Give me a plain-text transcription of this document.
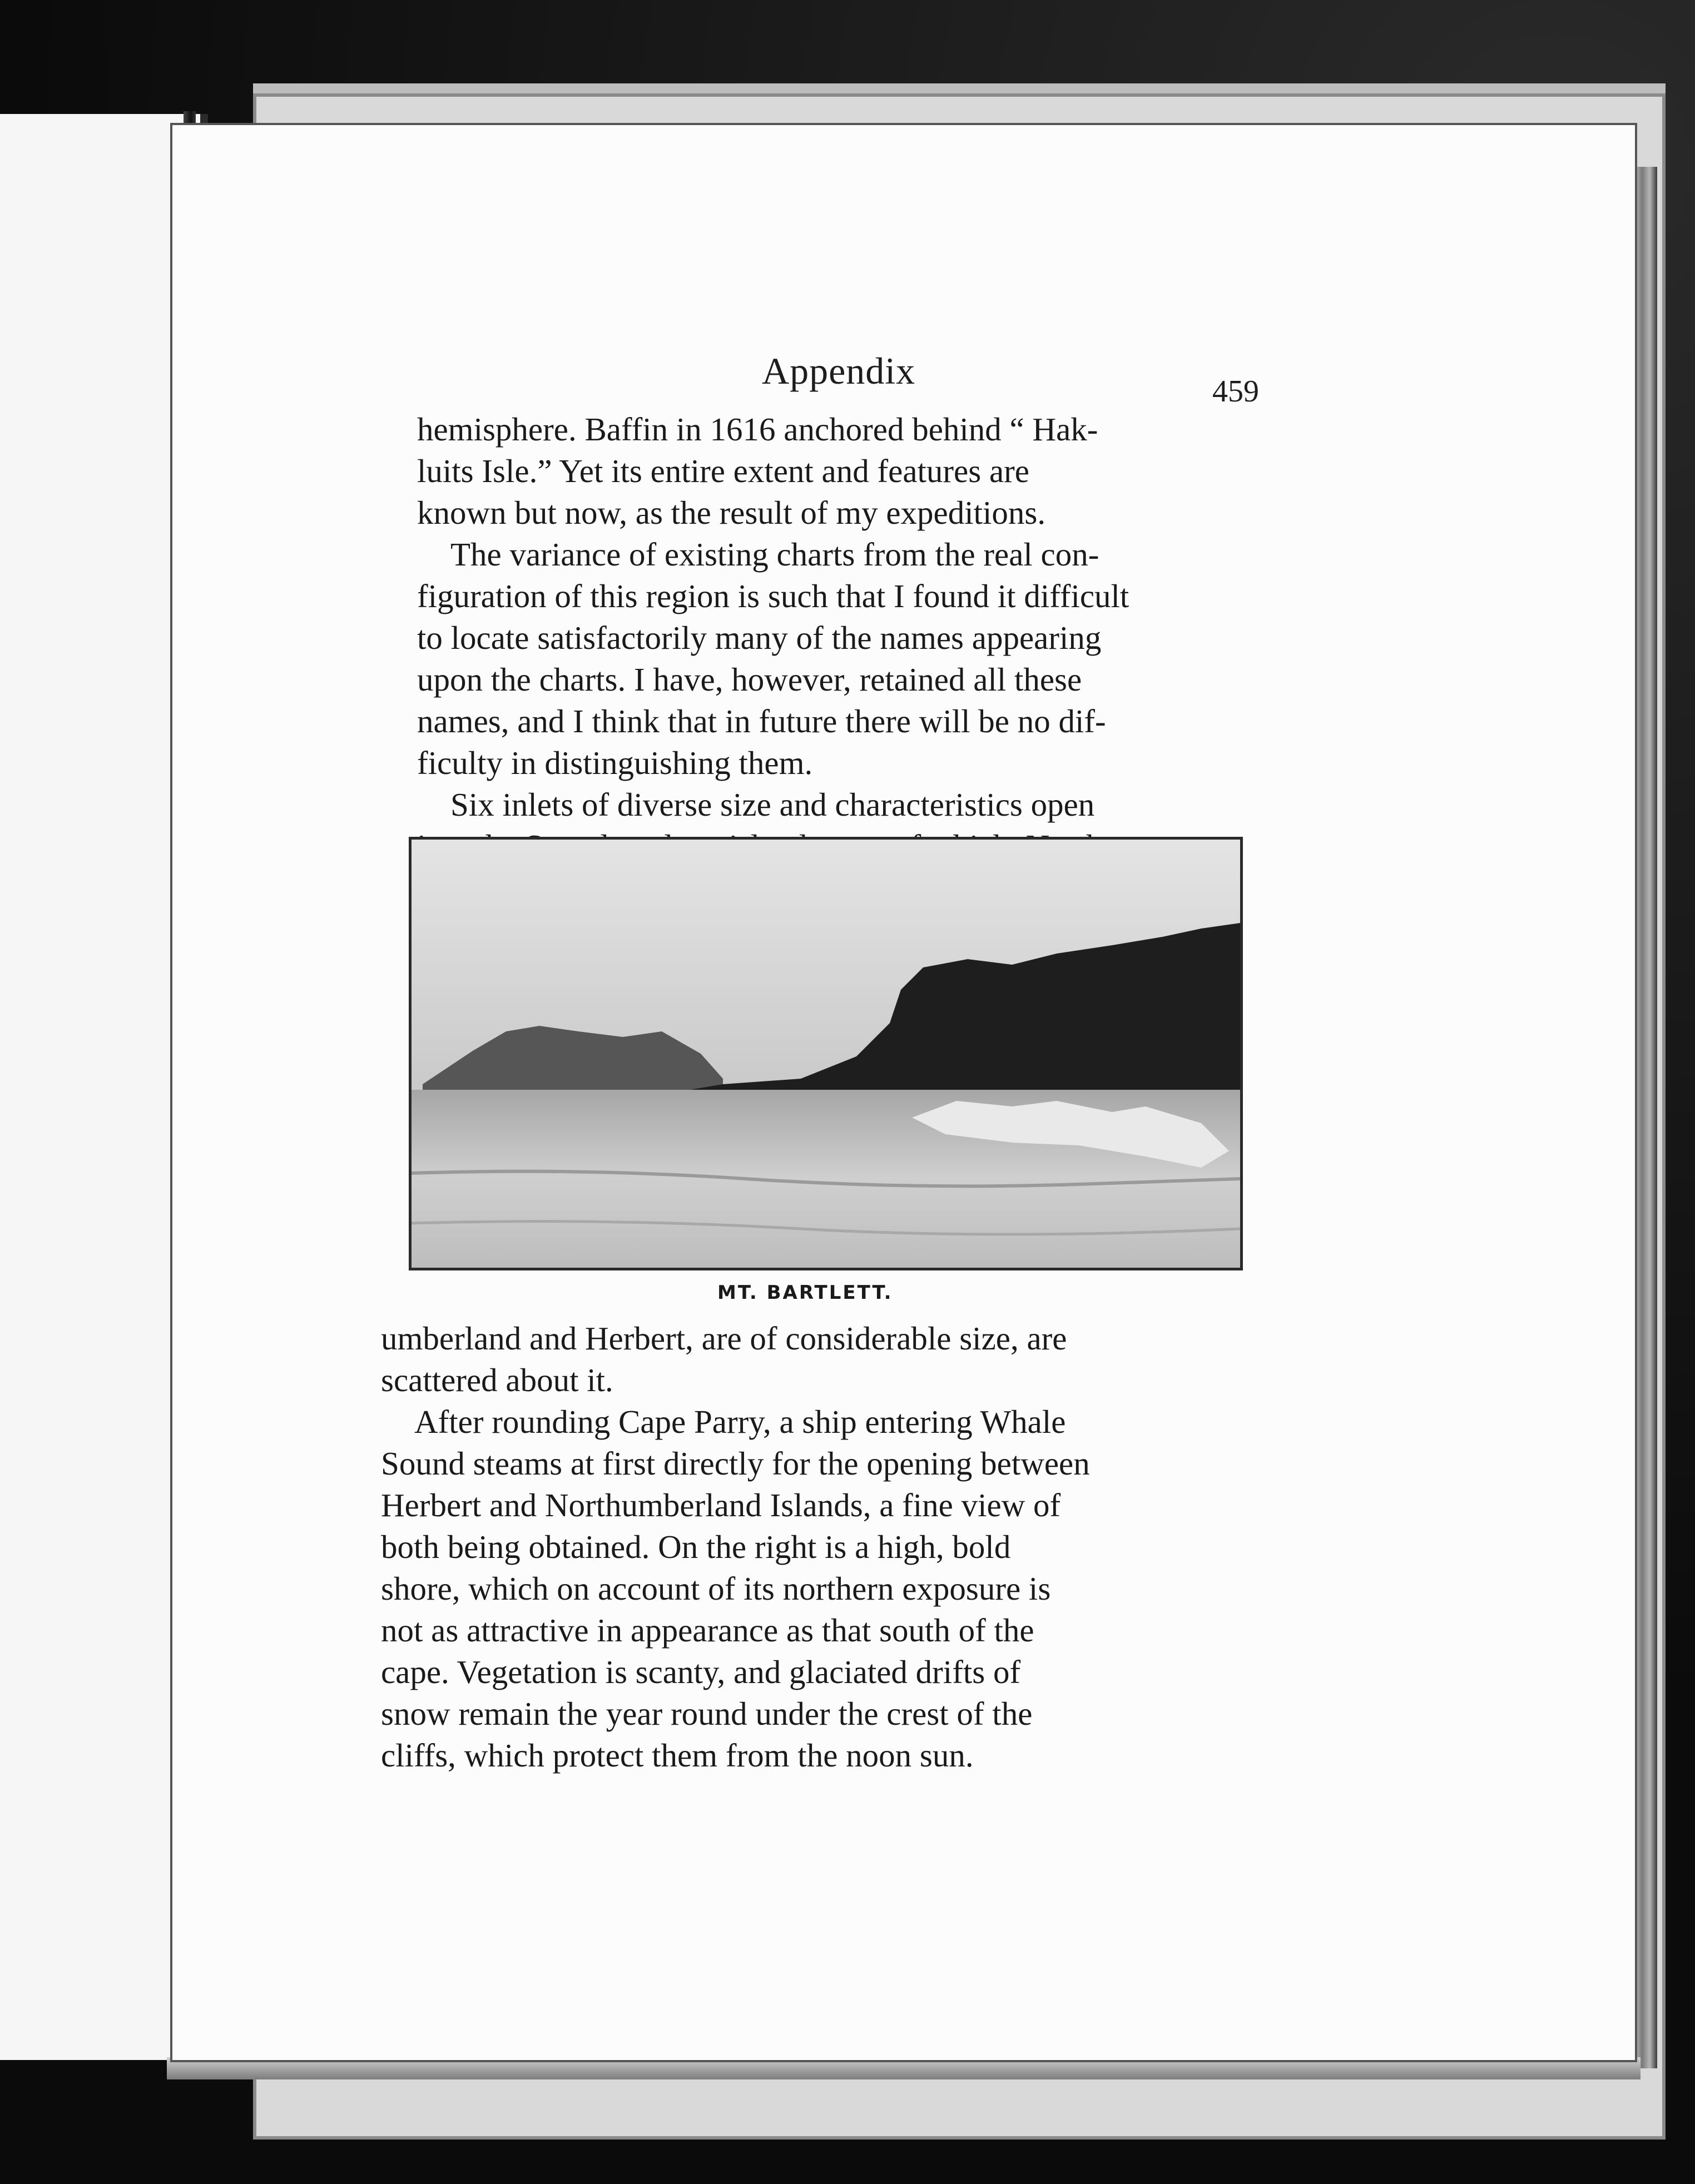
Appendix	459

hemisphere. Baffin in 1616 anchored behind “ Hak-
luits Isle.” Yet its entire extent and features are
known but now, as the result of my expeditions.

The variance of existing charts from the real con-
figuration of this region is such that I found it difficult
to locate satisfactorily many of the names appearing
upon the charts. I have, however, retained all these
names, and I think that in future there will be no dif-
ficulty in distinguishing them.

Six inlets of diverse size and characteristics open

MT. BARTLETT.

umberland and Herbert, are of considerable size, are
scattered about it.

After rounding Cape Parry, a ship entering Whale
Sound steams at first directly for the opening between
Herbert and Northumberland Islands, a fine view of
both being obtained. On the right is a high, bold
shore, which on account of its northern exposure is
not as attractive in appearance as that south of the
cape. Vegetation is scanty, and glaciated drifts of
snow remain the year round under the crest of the
cliffs, which protect them from the noon sun.
